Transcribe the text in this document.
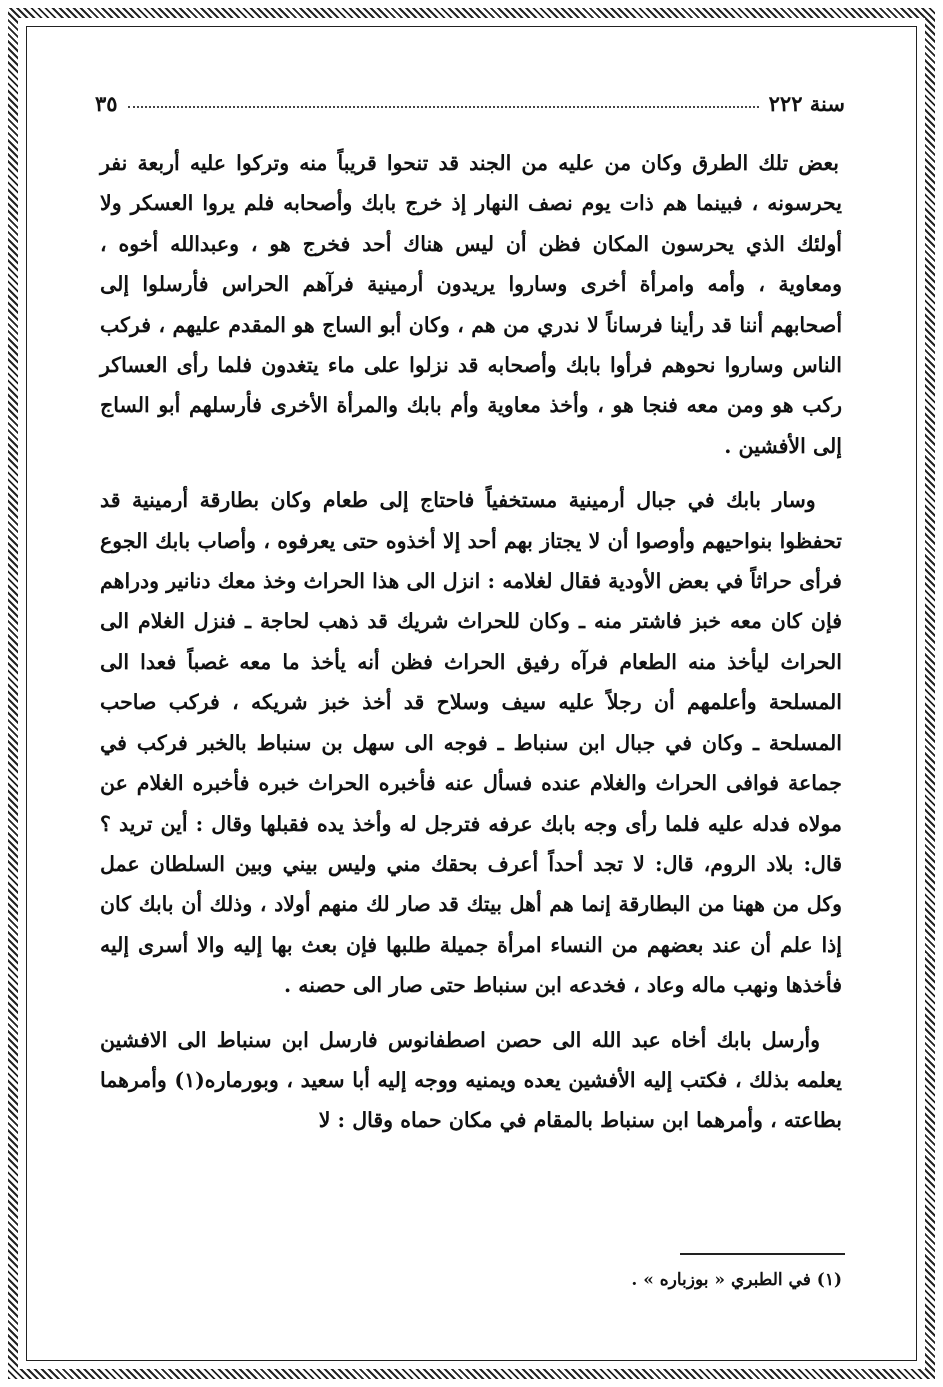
سنة ٢٢٢
٣٥

بعض تلك الطرق وكان من عليه من الجند قد تنحوا قريباً منه وتركوا عليه أربعة نفر يحرسونه ، فبينما هم ذات يوم نصف النهار إذ خرج بابك وأصحابه فلم يروا العسكر ولا أولئك الذي يحرسون المكان فظن أن ليس هناك أحد فخرج هو ، وعبدالله أخوه ، ومعاوية ، وأمه وامرأة أخرى وساروا يريدون أرمينية فرآهم الحراس فأرسلوا إلى أصحابهم أننا قد رأينا فرساناً لا ندري من هم ، وكان أبو الساج هو المقدم عليهم ، فركب الناس وساروا نحوهم فرأوا بابك وأصحابه قد نزلوا على ماء يتغدون فلما رأى العساكر ركب هو ومن معه فنجا هو ، وأخذ معاوية وأم بابك والمرأة الأخرى فأرسلهم أبو الساج إلى الأفشين .

وسار بابك في جبال أرمينية مستخفياً فاحتاج إلى طعام وكان بطارقة أرمينية قد تحفظوا بنواحيهم وأوصوا أن لا يجتاز بهم أحد إلا أخذوه حتى يعرفوه ، وأصاب بابك الجوع فرأى حراثاً في بعض الأودية فقال لغلامه : انزل الى هذا الحراث وخذ معك دنانير ودراهم فإن كان معه خبز فاشتر منه ـ وكان للحراث شريك قد ذهب لحاجة ـ فنزل الغلام الى الحراث ليأخذ منه الطعام فرآه رفيق الحراث فظن أنه يأخذ ما معه غصباً فعدا الى المسلحة وأعلمهم أن رجلاً عليه سيف وسلاح قد أخذ خبز شريكه ، فركب صاحب المسلحة ـ وكان في جبال ابن سنباط ـ فوجه الى سهل بن سنباط بالخبر فركب في جماعة فوافى الحراث والغلام عنده فسأل عنه فأخبره الحراث خبره فأخبره الغلام عن مولاه فدله عليه فلما رأى وجه بابك عرفه فترجل له وأخذ يده فقبلها وقال : أين تريد ؟ قال: بلاد الروم، قال: لا تجد أحداً أعرف بحقك مني وليس بيني وبين السلطان عمل وكل من ههنا من البطارقة إنما هم أهل بيتك قد صار لك منهم أولاد ، وذلك أن بابك كان إذا علم أن عند بعضهم من النساء امرأة جميلة طلبها فإن بعث بها إليه والا أسرى إليه فأخذها ونهب ماله وعاد ، فخدعه ابن سنباط حتى صار الى حصنه .

وأرسل بابك أخاه عبد الله الى حصن اصطفانوس فارسل ابن سنباط الى الافشين يعلمه بذلك ، فكتب إليه الأفشين يعده ويمنيه ووجه إليه أبا سعيد ، وبورماره(١) وأمرهما بطاعته ، وأمرهما ابن سنباط بالمقام في مكان حماه وقال : لا

(١) في الطبري « بوزباره » .
